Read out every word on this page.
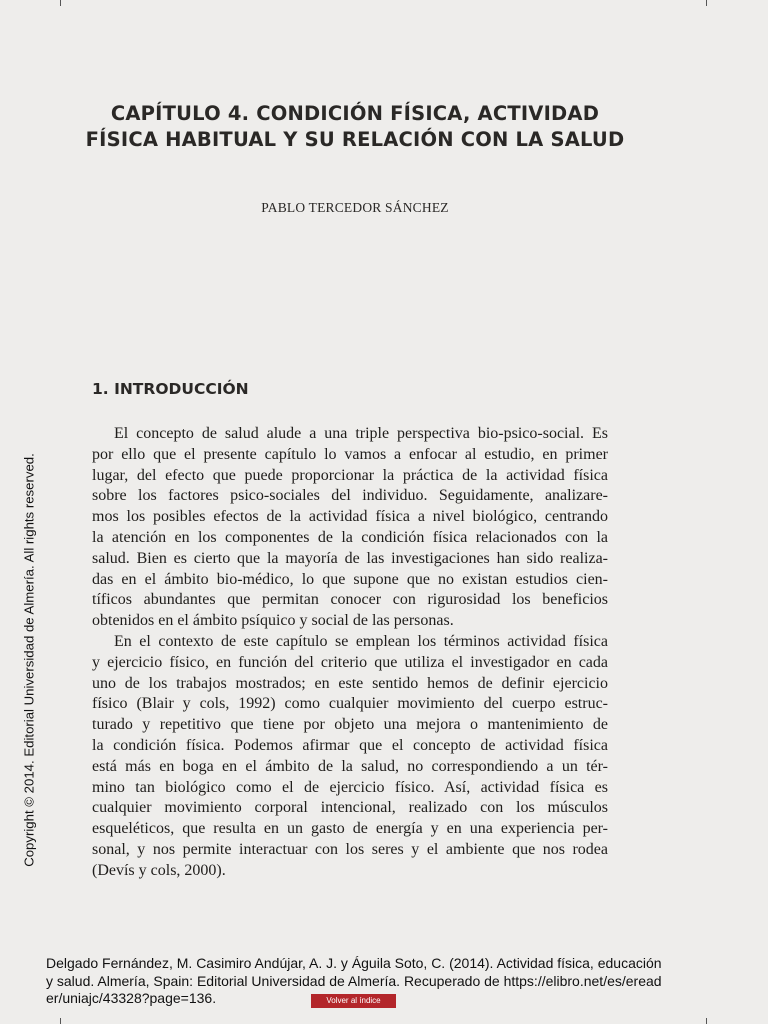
CAPÍTULO 4. CONDICIÓN FÍSICA, ACTIVIDAD
FÍSICA HABITUAL Y SU RELACIÓN CON LA SALUD
PABLO TERCEDOR SÁNCHEZ
1. INTRODUCCIÓN
El concepto de salud alude a una triple perspectiva bio-psico-social. Es
por ello que el presente capítulo lo vamos a enfocar al estudio, en primer
lugar, del efecto que puede proporcionar la práctica de la actividad física
sobre los factores psico-sociales del individuo. Seguidamente, analizare-
mos los posibles efectos de la actividad física a nivel biológico, centrando
la atención en los componentes de la condición física relacionados con la
salud. Bien es cierto que la mayoría de las investigaciones han sido realiza-
das en el ámbito bio-médico, lo que supone que no existan estudios cien-
tíficos abundantes que permitan conocer con rigurosidad los beneficios
obtenidos en el ámbito psíquico y social de las personas.
En el contexto de este capítulo se emplean los términos actividad física
y ejercicio físico, en función del criterio que utiliza el investigador en cada
uno de los trabajos mostrados; en este sentido hemos de definir ejercicio
físico (Blair y cols, 1992) como cualquier movimiento del cuerpo estruc-
turado y repetitivo que tiene por objeto una mejora o mantenimiento de
la condición física. Podemos afirmar que el concepto de actividad física
está más en boga en el ámbito de la salud, no correspondiendo a un tér-
mino tan biológico como el de ejercicio físico. Así, actividad física es
cualquier movimiento corporal intencional, realizado con los músculos
esqueléticos, que resulta en un gasto de energía y en una experiencia per-
sonal, y nos permite interactuar con los seres y el ambiente que nos rodea
(Devís y cols, 2000).
Copyright © 2014. Editorial Universidad de Almería. All rights reserved.
Delgado Fernández, M. Casimiro Andújar, A. J. y Águila Soto, C. (2014). Actividad física, educación
y salud. Almería, Spain: Editorial Universidad de Almería. Recuperado de https://elibro.net/es/eread
er/uniajc/43328?page=136.	Volver al índice
